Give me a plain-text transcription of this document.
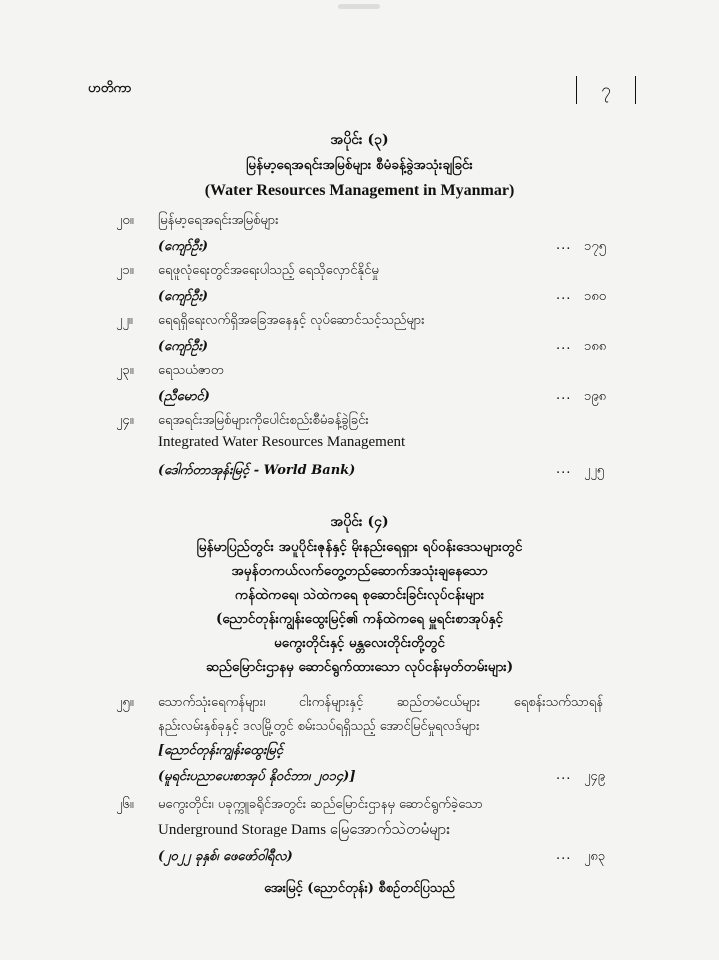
ဟတိကာ	၇
အပိုင်း (၃)
မြန်မာ့ရေအရင်းအမြစ်များ စီမံခန့်ခွဲအသုံးချခြင်း
(Water Resources Management in Myanmar)
၂၀။ မြန်မာ့ရေအရင်းအမြစ်များ
(ကျော်ဦး)	... ၁၇၅
၂၁။ ရေဖူလုံရေးတွင်အရေးပါသည့် ရေသိုလှောင်နိုင်မှု
(ကျော်ဦး)	... ၁၈၀
၂၂။ ရေရရှိရေးလက်ရှိအခြေအနေနှင့် လုပ်ဆောင်သင့်သည်များ
(ကျော်ဦး)	... ၁၈၈
၂၃။ ရေသယံဇာတ
(ညီမောင်)	... ၁၉၈
၂၄။ ရေအရင်းအမြစ်များကိုပေါင်းစည်းစီမံခန့်ခွဲခြင်း
Integrated Water Resources Management
(ဒေါက်တာအုန်းမြင့် - World Bank)	... ၂၂၅
အပိုင်း (၄)
မြန်မာပြည်တွင်း အပူပိုင်းဇုန်နှင့် မိုးနည်းရေရှား ရပ်ဝန်းဒေသများတွင်
အမှန်တကယ်လက်တွေ့တည်ဆောက်အသုံးချနေသော
ကန်ထဲကရေ၊ သဲထဲကရေ စုဆောင်းခြင်းလုပ်ငန်းများ
(ညောင်တုန်းကျွန်းထွေးမြင့်၏ ကန်ထဲကရေ မှူရင်းစာအုပ်နှင့်
မကွေးတိုင်းနှင့် မန္တလေးတိုင်းတို့တွင်
ဆည်မြောင်းဌာနမှ ဆောင်ရွက်ထားသော လုပ်ငန်းမှတ်တမ်းများ)
၂၅။ သောက်သုံးရေကန်များ၊ ငါးကန်များနှင့် ဆည်တမံငယ်များ ရေစန်းသက်သာရန်
နည်းလမ်းနှစ်ခုနှင့် ဒလမြို့တွင် စမ်းသပ်ရရှိသည့် အောင်မြင်မှုရလဒ်များ
[ညောင်တုန်းကျွန်းထွေးမြင့်
(မူရင်းပညာပေးစာအုပ် နိုဝင်ဘာ၊ ၂၀၁၄)]	... ၂၄၉
၂၆။ မကွေးတိုင်း၊ ပခုက္ကူခရိုင်အတွင်း ဆည်မြောင်းဌာနမှ ဆောင်ရွက်ခဲ့သော
Underground Storage Dams မြေအောက်သဲတမံများ
(၂၀၂၂ ခုနှစ်၊ ဖေဖော်ဝါရီလ)	... ၂၈၃
အေးမြင့် (ညောင်တုန်း) စီစဉ်တင်ပြသည်
